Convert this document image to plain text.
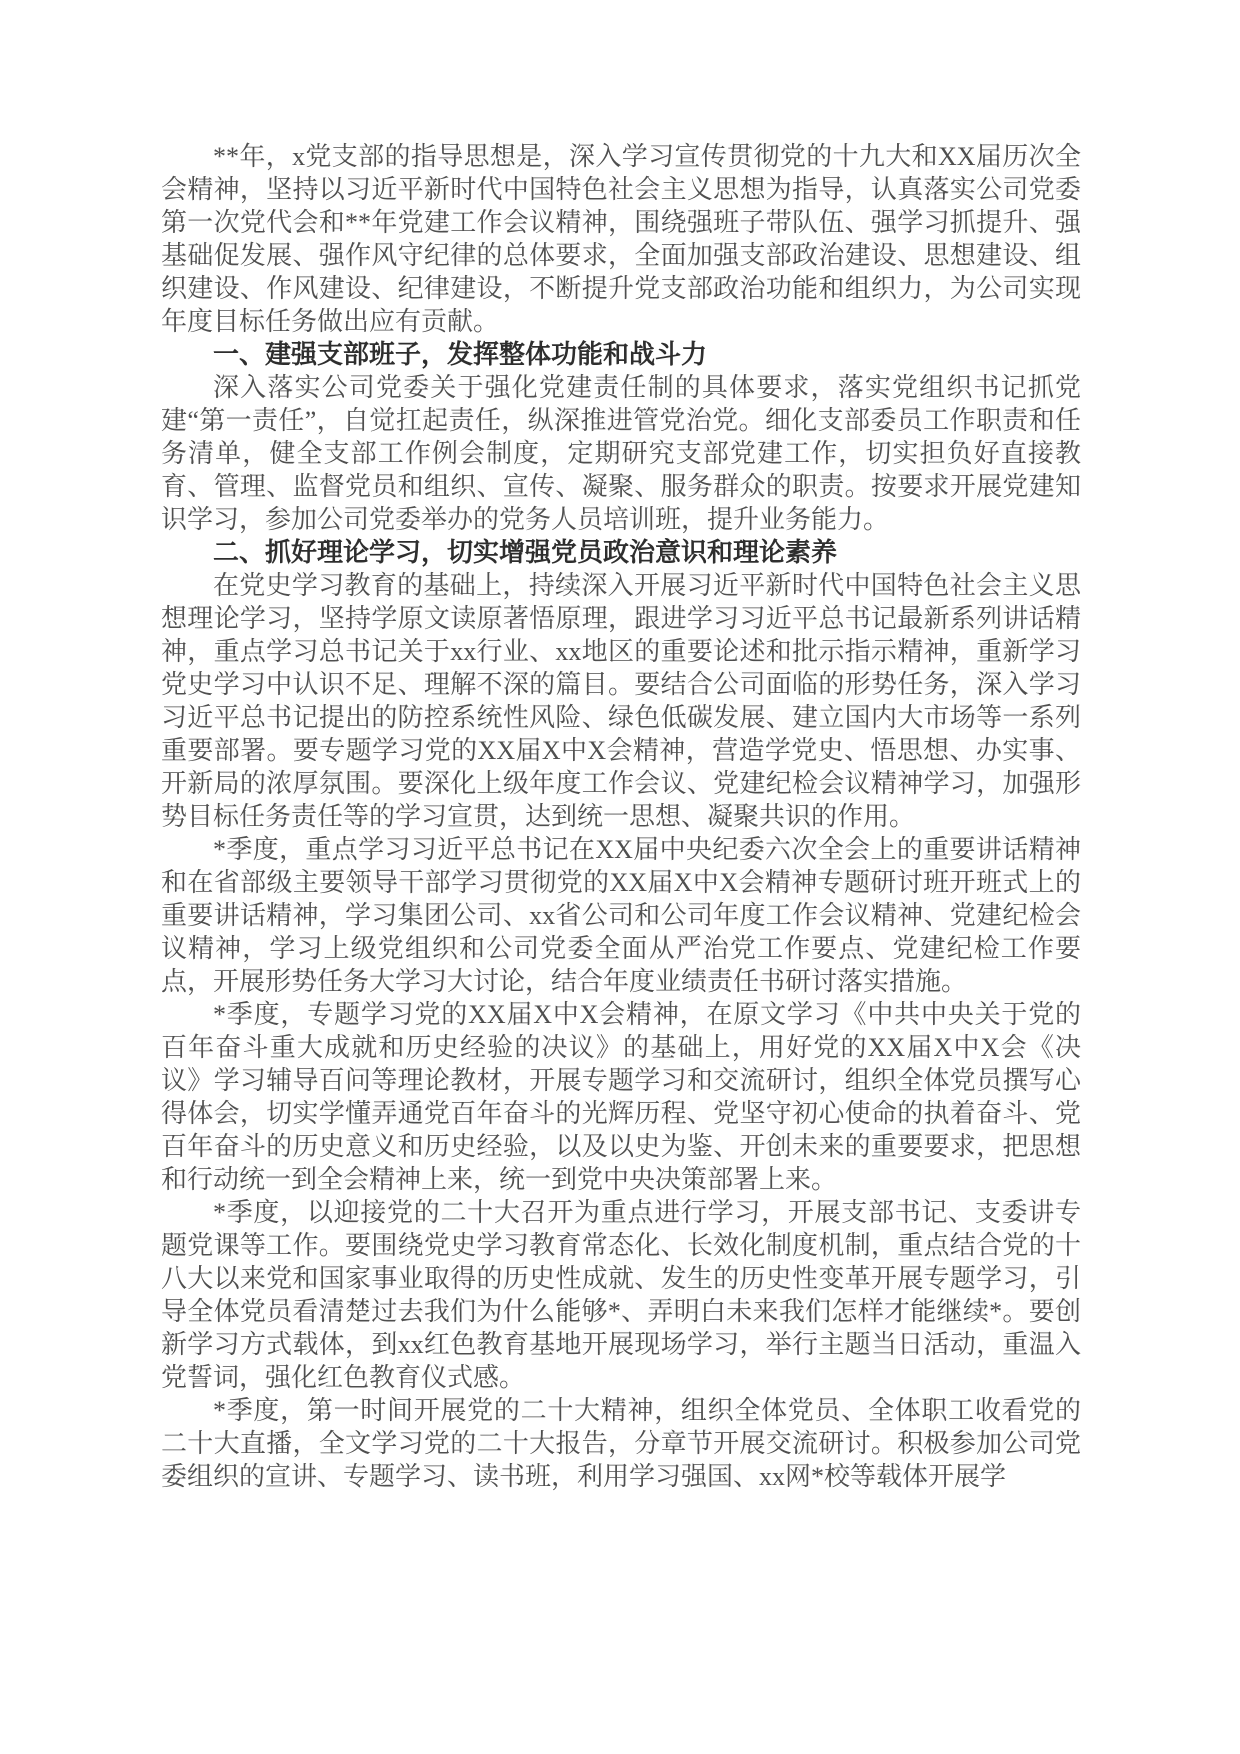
**年，x党支部的指导思想是，深入学习宣传贯彻党的十九大和XX届历次全会精神，坚持以习近平新时代中国特色社会主义思想为指导，认真落实公司党委第一次党代会和**年党建工作会议精神，围绕强班子带队伍、强学习抓提升、强基础促发展、强作风守纪律的总体要求，全面加强支部政治建设、思想建设、组织建设、作风建设、纪律建设，不断提升党支部政治功能和组织力，为公司实现年度目标任务做出应有贡献。

一、建强支部班子，发挥整体功能和战斗力

深入落实公司党委关于强化党建责任制的具体要求，落实党组织书记抓党建“第一责任”，自觉扛起责任，纵深推进管党治党。细化支部委员工作职责和任务清单，健全支部工作例会制度，定期研究支部党建工作，切实担负好直接教育、管理、监督党员和组织、宣传、凝聚、服务群众的职责。按要求开展党建知识学习，参加公司党委举办的党务人员培训班，提升业务能力。

二、抓好理论学习，切实增强党员政治意识和理论素养

在党史学习教育的基础上，持续深入开展习近平新时代中国特色社会主义思想理论学习，坚持学原文读原著悟原理，跟进学习习近平总书记最新系列讲话精神，重点学习总书记关于xx行业、xx地区的重要论述和批示指示精神，重新学习党史学习中认识不足、理解不深的篇目。要结合公司面临的形势任务，深入学习习近平总书记提出的防控系统性风险、绿色低碳发展、建立国内大市场等一系列重要部署。要专题学习党的XX届X中X会精神，营造学党史、悟思想、办实事、开新局的浓厚氛围。要深化上级年度工作会议、党建纪检会议精神学习，加强形势目标任务责任等的学习宣贯，达到统一思想、凝聚共识的作用。

*季度，重点学习习近平总书记在XX届中央纪委六次全会上的重要讲话精神和在省部级主要领导干部学习贯彻党的XX届X中X会精神专题研讨班开班式上的重要讲话精神，学习集团公司、xx省公司和公司年度工作会议精神、党建纪检会议精神，学习上级党组织和公司党委全面从严治党工作要点、党建纪检工作要点，开展形势任务大学习大讨论，结合年度业绩责任书研讨落实措施。

*季度，专题学习党的XX届X中X会精神，在原文学习《中共中央关于党的百年奋斗重大成就和历史经验的决议》的基础上，用好党的XX届X中X会《决议》学习辅导百问等理论教材，开展专题学习和交流研讨，组织全体党员撰写心得体会，切实学懂弄通党百年奋斗的光辉历程、党坚守初心使命的执着奋斗、党百年奋斗的历史意义和历史经验，以及以史为鉴、开创未来的重要要求，把思想和行动统一到全会精神上来，统一到党中央决策部署上来。

*季度，以迎接党的二十大召开为重点进行学习，开展支部书记、支委讲专题党课等工作。要围绕党史学习教育常态化、长效化制度机制，重点结合党的十八大以来党和国家事业取得的历史性成就、发生的历史性变革开展专题学习，引导全体党员看清楚过去我们为什么能够*、弄明白未来我们怎样才能继续*。要创新学习方式载体，到xx红色教育基地开展现场学习，举行主题当日活动，重温入党誓词，强化红色教育仪式感。

*季度，第一时间开展党的二十大精神，组织全体党员、全体职工收看党的二十大直播，全文学习党的二十大报告，分章节开展交流研讨。积极参加公司党委组织的宣讲、专题学习、读书班，利用学习强国、xx网*校等载体开展学
